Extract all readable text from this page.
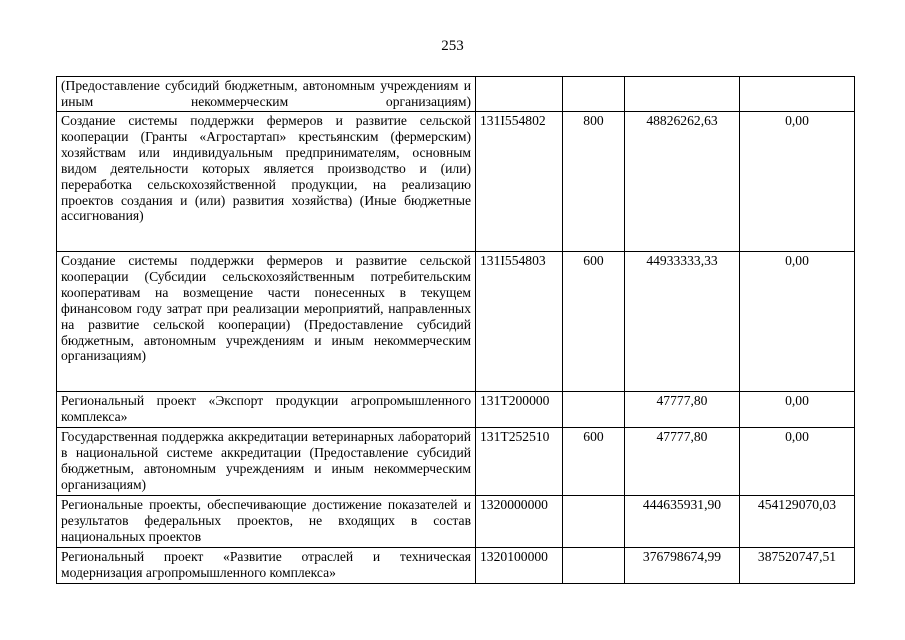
253
(Предоставление субсидий бюджетным, автономным учреждениям и иным некоммерческим организациям)				
Создание системы поддержки фермеров и развитие сельской кооперации (Гранты «Агростартап» крестьянским (фермерским) хозяйствам или индивидуальным предпринимателям, основным видом деятельности которых является производство и (или) переработка сельскохозяйственной продукции, на реализацию проектов создания и (или) развития хозяйства) (Иные бюджетные ассигнования)	131I554802	800	48826262,63	0,00
Создание системы поддержки фермеров и развитие сельской кооперации (Субсидии сельскохозяйственным потребительским кооперативам на возмещение части понесенных в текущем финансовом году затрат при реализации мероприятий, направленных на развитие сельской кооперации) (Предоставление субсидий бюджетным, автономным учреждениям и иным некоммерческим организациям)	131I554803	600	44933333,33	0,00
Региональный проект «Экспорт продукции агропромышленного комплекса»	131T200000		47777,80	0,00
Государственная поддержка аккредитации ветеринарных лабораторий в национальной системе аккредитации (Предоставление субсидий бюджетным, автономным учреждениям и иным некоммерческим организациям)	131T252510	600	47777,80	0,00
Региональные проекты, обеспечивающие достижение показателей и результатов федеральных проектов, не входящих в состав национальных проектов	1320000000		444635931,90	454129070,03
Региональный проект «Развитие отраслей и техническая модернизация агропромышленного комплекса»	1320100000		376798674,99	387520747,51
